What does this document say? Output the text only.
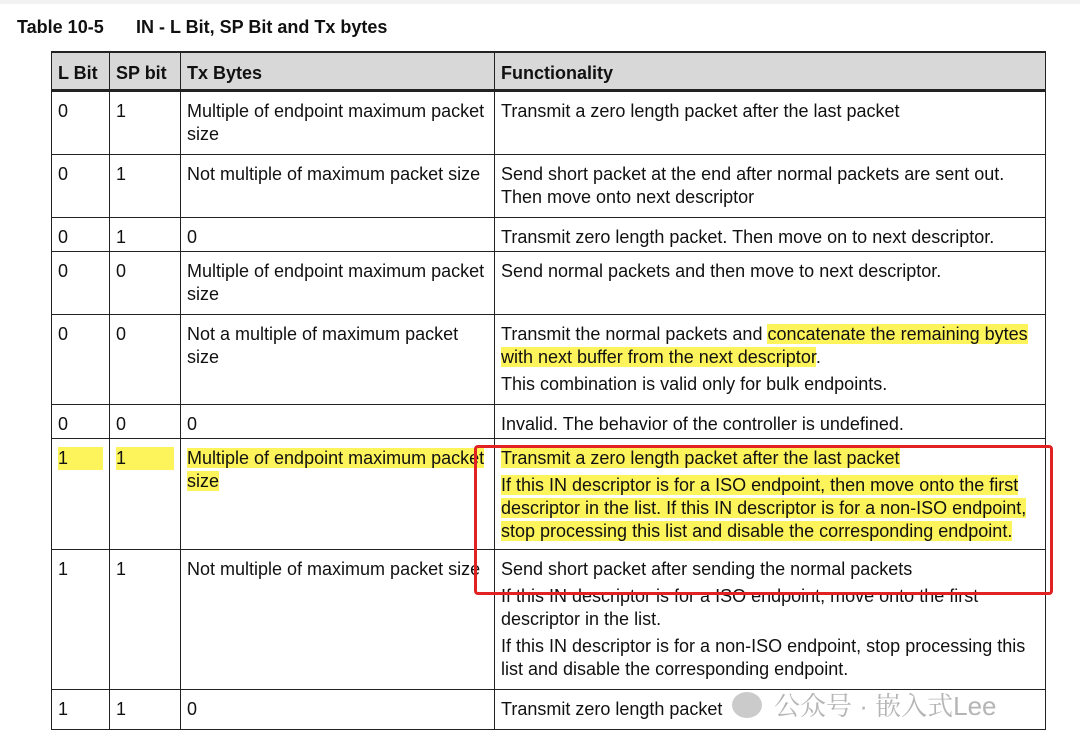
Table 10-5 IN - L Bit, SP Bit and Tx bytes
L Bit	SP bit	Tx Bytes	Functionality
0	1	Multiple of endpoint maximum packet size	Transmit a zero length packet after the last packet
0	1	Not multiple of maximum packet size	Send short packet at the end after normal packets are sent out. Then move onto next descriptor
0	1	0	Transmit zero length packet. Then move on to next descriptor.
0	0	Multiple of endpoint maximum packet size	Send normal packets and then move to next descriptor.
0	0	Not a multiple of maximum packet size	Transmit the normal packets and concatenate the remaining bytes with next buffer from the next descriptor.
This combination is valid only for bulk endpoints.

0	0	0	Invalid. The behavior of the controller is undefined.

1	1	Multiple of endpoint maximum packet size	Transmit a zero length packet after the last packet
If this IN descriptor is for a ISO endpoint, then move onto the first descriptor in the list. If this IN descriptor is for a non-ISO endpoint, stop processing this list and disable the corresponding endpoint.

1	1	Not multiple of maximum packet size	Send short packet after sending the normal packets
If this IN descriptor is for a ISO endpoint, move onto the first descriptor in the list.
If this IN descriptor is for a non-ISO endpoint, stop processing this list and disable the corresponding endpoint.

1	1	0	Transmit zero length packet 公众号 · 嵌入式Lee
